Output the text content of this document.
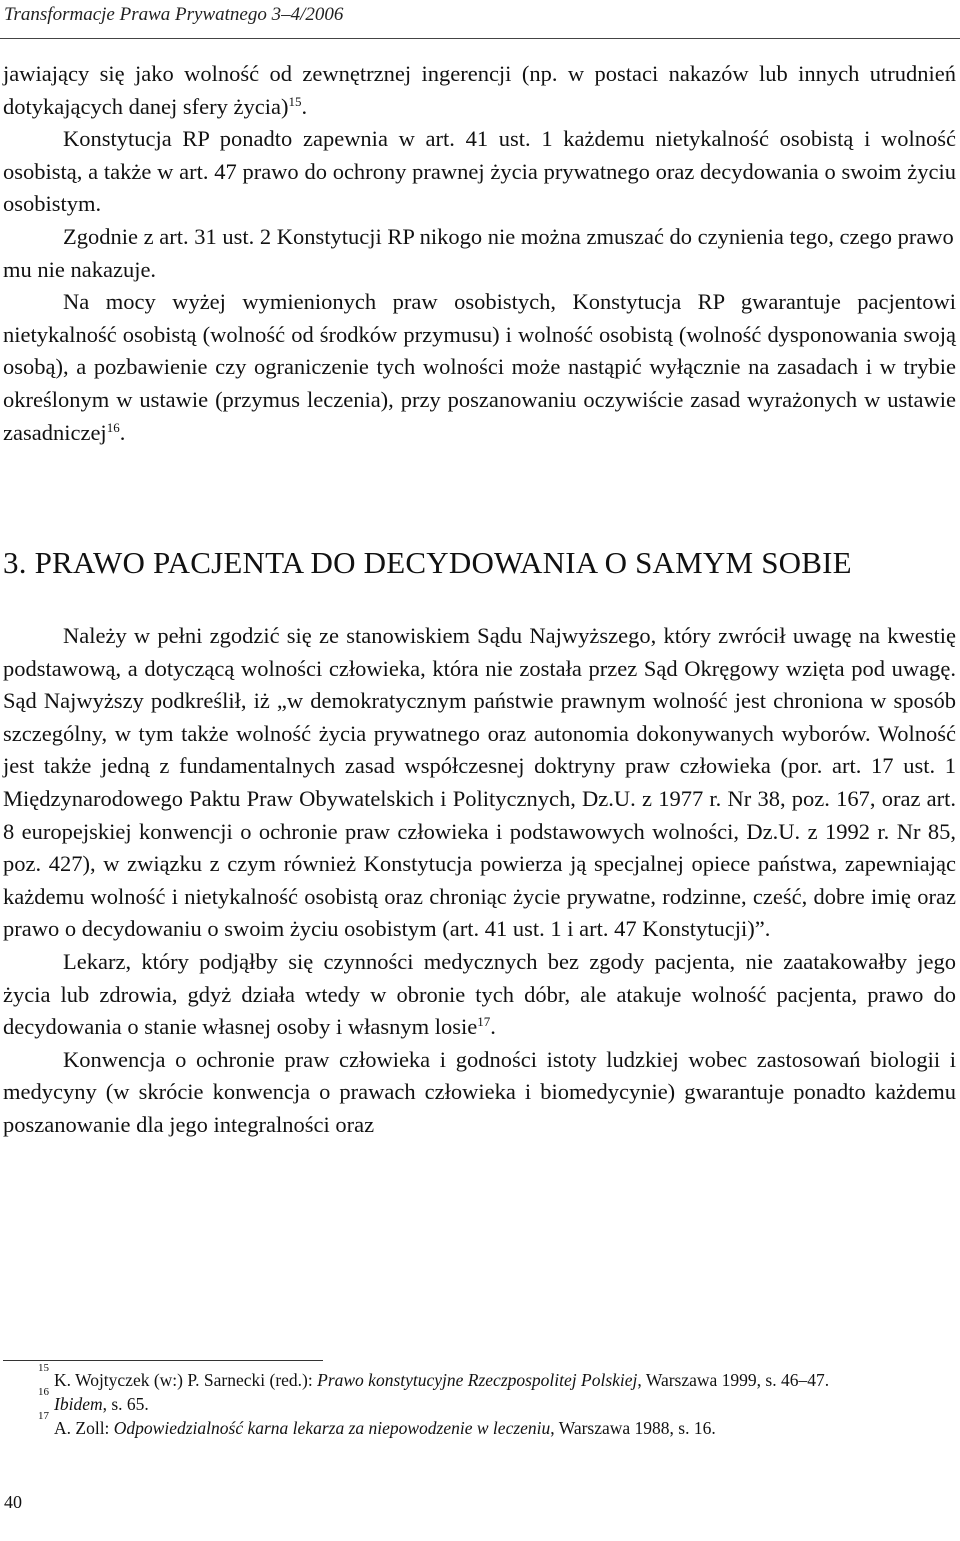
Transformacje Prawa Prywatnego 3–4/2006

jawiający się jako wolność od zewnętrznej ingerencji (np. w postaci nakazów lub innych utrudnień dotykających danej sfery życia)$^{15}$.

Konstytucja RP ponadto zapewnia w art. 41 ust. 1 każdemu nietykalność osobistą i wolność osobistą, a także w art. 47 prawo do ochrony prawnej życia prywatnego oraz decydowania o swoim życiu osobistym.

Zgodnie z art. 31 ust. 2 Konstytucji RP nikogo nie można zmuszać do czynienia tego, czego prawo mu nie nakazuje.

Na mocy wyżej wymienionych praw osobistych, Konstytucja RP gwarantuje pacjentowi nietykalność osobistą (wolność od środków przymusu) i wolność osobistą (wolność dysponowania swoją osobą), a pozbawienie czy ograniczenie tych wolności może nastąpić wyłącznie na zasadach i w trybie określonym w ustawie (przymus leczenia), przy poszanowaniu oczywiście zasad wyrażonych w ustawie zasadniczej$^{16}$.

3. PRAWO PACJENTA DO DECYDOWANIA O SAMYM SOBIE

Należy w pełni zgodzić się ze stanowiskiem Sądu Najwyższego, który zwrócił uwagę na kwestię podstawową, a dotyczącą wolności człowieka, która nie została przez Sąd Okręgowy wzięta pod uwagę. Sąd Najwyższy podkreślił, iż „w demokratycznym państwie prawnym wolność jest chroniona w sposób szczególny, w tym także wolność życia prywatnego oraz autonomia dokonywanych wyborów. Wolność jest także jedną z fundamentalnych zasad współczesnej doktryny praw człowieka (por. art. 17 ust. 1 Międzynarodowego Paktu Praw Obywatelskich i Politycznych, Dz.U. z 1977 r. Nr 38, poz. 167, oraz art. 8 europejskiej konwencji o ochronie praw człowieka i podstawowych wolności, Dz.U. z 1992 r. Nr 85, poz. 427), w związku z czym również Konstytucja powierza ją specjalnej opiece państwa, zapewniając każdemu wolność i nietykalność osobistą oraz chroniąc życie prywatne, rodzinne, cześć, dobre imię oraz prawo o decydowaniu o swoim życiu osobistym (art. 41 ust. 1 i art. 47 Konstytucji)”.

Lekarz, który podjąłby się czynności medycznych bez zgody pacjenta, nie zaatakowałby jego życia lub zdrowia, gdyż działa wtedy w obronie tych dóbr, ale atakuje wolność pacjenta, prawo do decydowania o stanie własnej osoby i własnym losie$^{17}$.

Konwencja o ochronie praw człowieka i godności istoty ludzkiej wobec zastosowań biologii i medycyny (w skrócie konwencja o prawach człowieka i biomedycynie) gwarantuje ponadto każdemu poszanowanie dla jego integralności oraz

15
K. Wojtyczek (w:) P. Sarnecki (red.): Prawo konstytucyjne Rzeczpospolitej Polskiej, Warszawa 1999, s. 46–47.

16
Ibidem, s. 65.

17
A. Zoll: Odpowiedzialność karna lekarza za niepowodzenie w leczeniu, Warszawa 1988, s. 16.

40
